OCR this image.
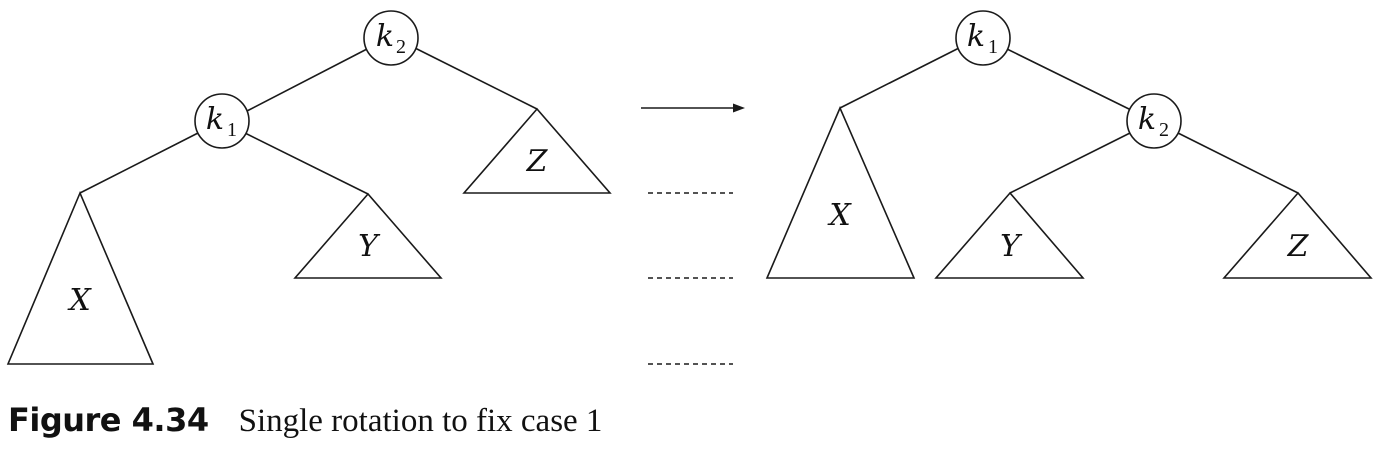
X
Y
Z
k 2
k 1
X
Y	Z
k 1
k 2
Figure 4.34 Single rotation to fix case 1
